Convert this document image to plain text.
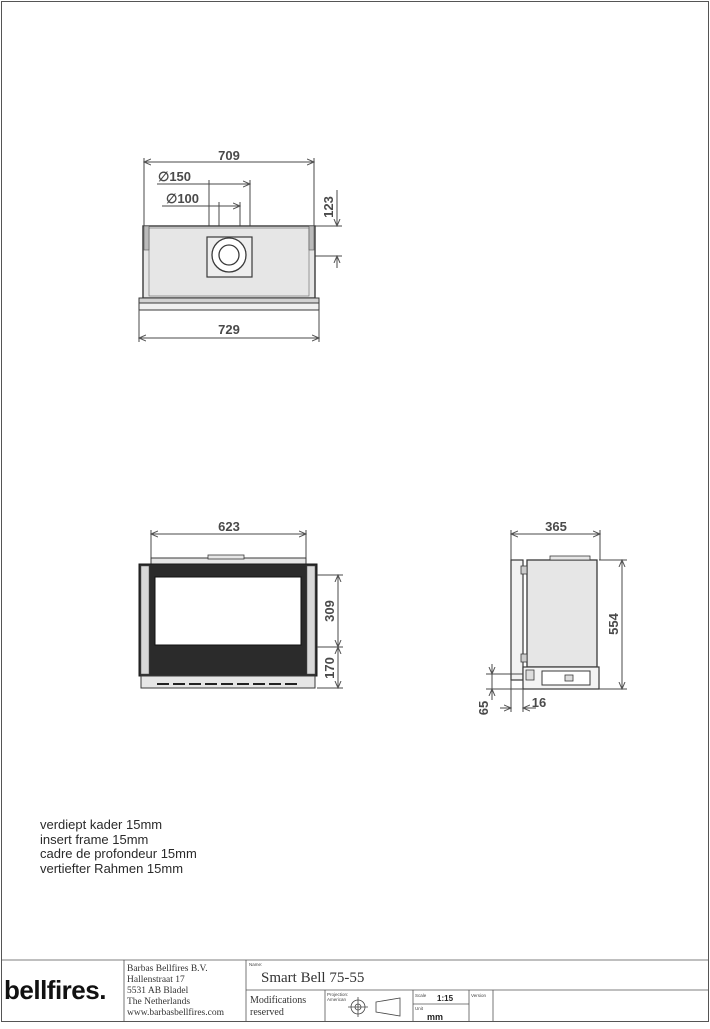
709
∅150
∅100	123
729
623
309
170
365
554
65	16
verdiept kader 15mm
insert frame 15mm
cadre de profondeur 15mm
vertiefter Rahmen 15mm
bellfires.
Barbas Bellfires B.V.
Hallenstraat 17
5531 AB Bladel
The Netherlands
www.barbasbellfires.com
Name:
Smart Bell 75-55
Modifications
reserved
Projection: American
Scale 1:15	Version
Unit
mm
